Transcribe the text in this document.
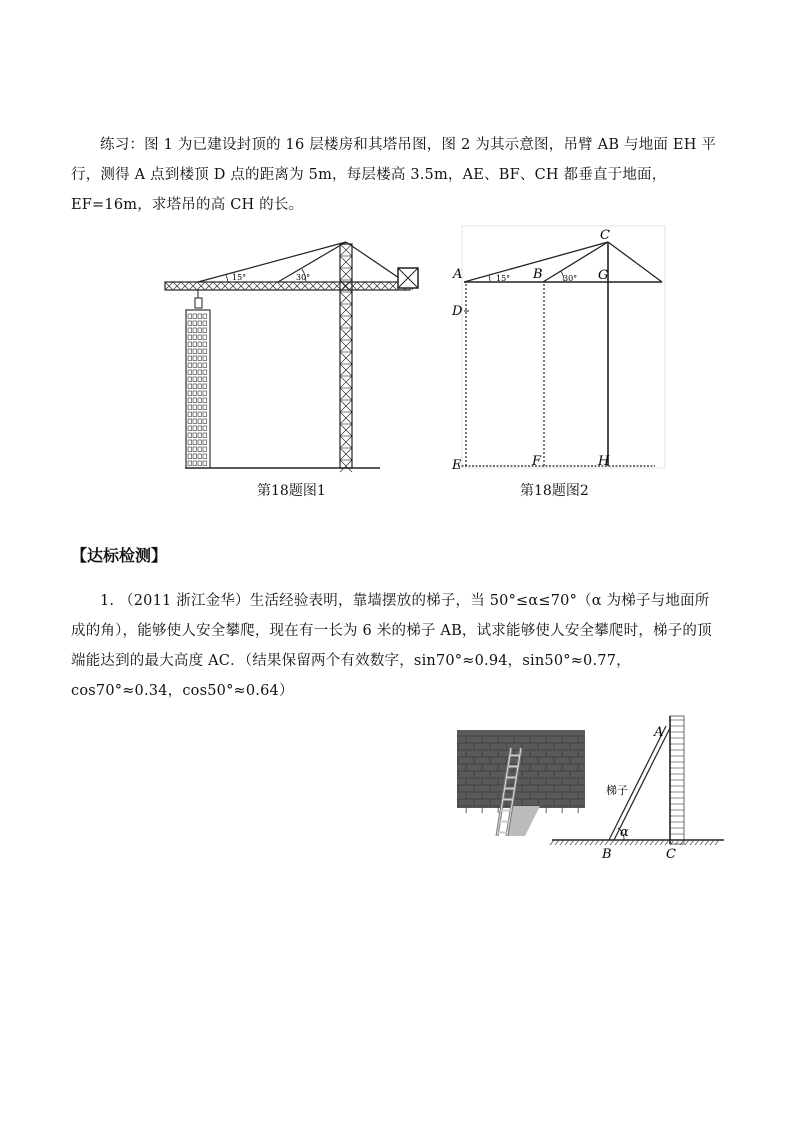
练习：图 1 为已建设封顶的 16 层楼房和其塔吊图，图 2 为其示意图，吊臂 AB 与地面 EH 平行，测得 A 点到楼顶 D 点的距离为 5m，每层楼高 3.5m，AE、BF、CH 都垂直于地面，EF=16m，求塔吊的高 CH 的长。
15°	30°
第18题图1
15°	30°
A	B
C
G
D
E	F	H
第18题图2
【达标检测】
1. （2011 浙江金华）生活经验表明，靠墙摆放的梯子，当 50°≤α≤70°（α 为梯子与地面所成的角），能够使人安全攀爬，现在有一长为 6 米的梯子 AB，试求能够使人安全攀爬时，梯子的顶端能达到的最大高度 AC．（结果保留两个有效数字，sin70°≈0.94，sin50°≈0.77，cos70°≈0.34，cos50°≈0.64）
A
B	C
α
梯子
